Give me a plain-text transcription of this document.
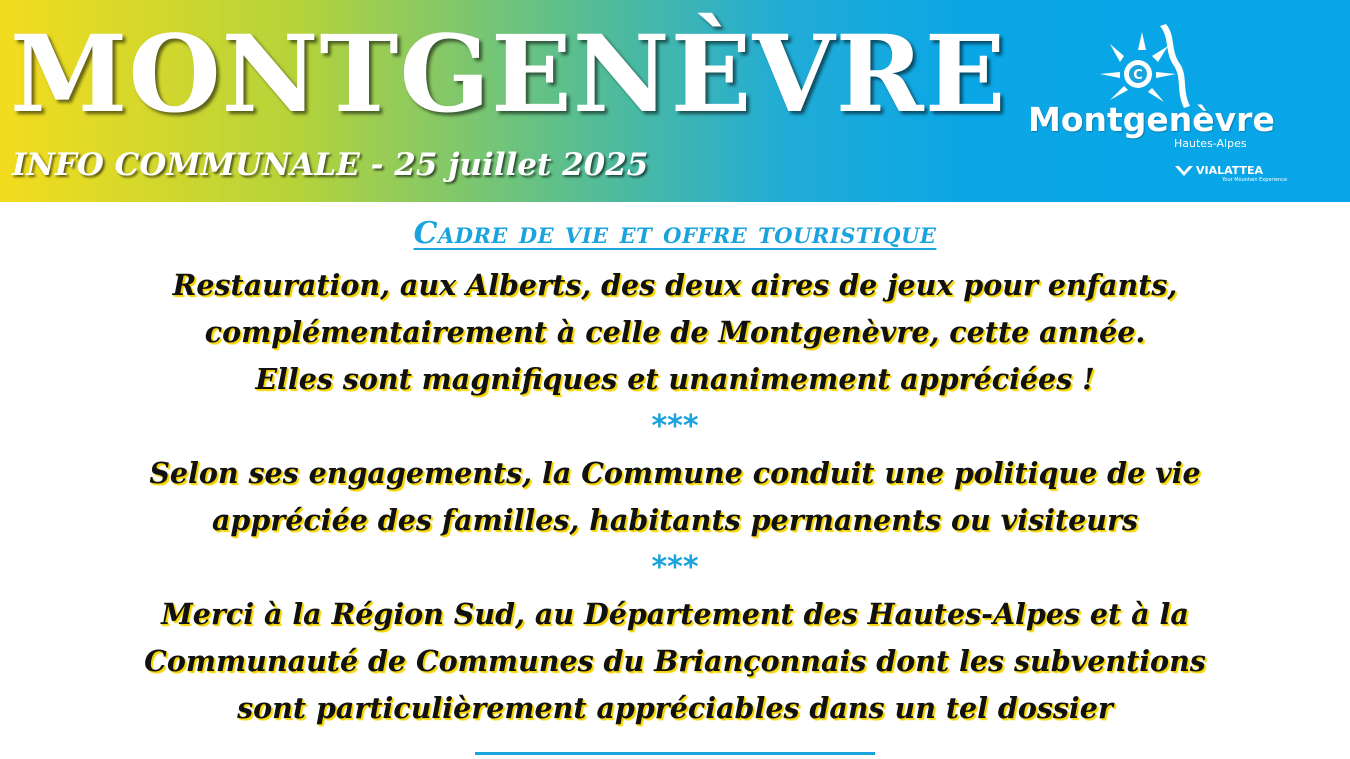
MONTGENÈVRE
INFO COMMUNALE - 25 juillet 2025
C
Montgenèvre
Hautes-Alpes
VIALATTEA
Your Mountain Experience
Cadre de vie et offre touristique

Restauration, aux Alberts, des deux aires de jeux pour enfants,
complémentairement à celle de Montgenèvre, cette année.
Elles sont magnifiques et unanimement appréciées !

***

Selon ses engagements, la Commune conduit une politique de vie
appréciée des familles, habitants permanents ou visiteurs

***

Merci à la Région Sud, au Département des Hautes-Alpes et à la
Communauté de Communes du Briançonnais dont les subventions
sont particulièrement appréciables dans un tel dossier
